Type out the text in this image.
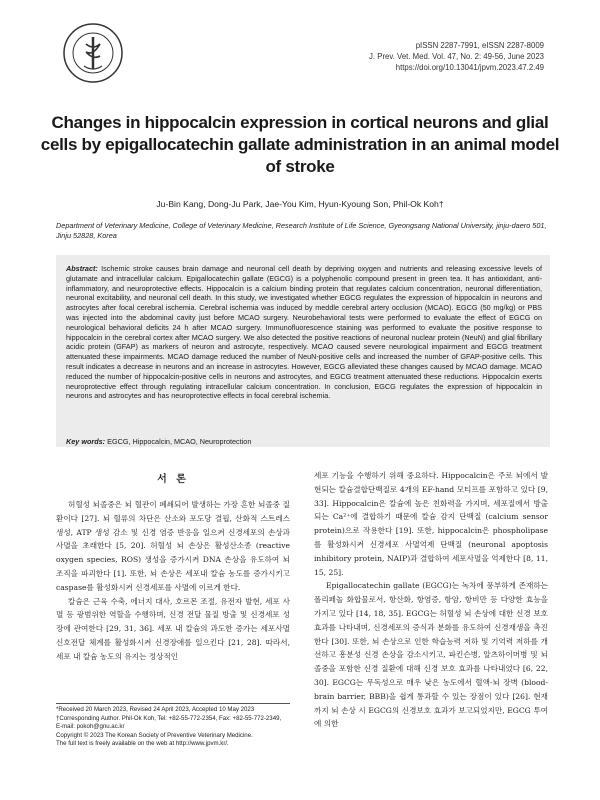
pISSN 2287-7991, eISSN 2287-8009
J. Prev. Vet. Med. Vol. 47, No. 2: 49-56, June 2023
https://doi.org/10.13041/jpvm.2023.47.2.49
Changes in hippocalcin expression in cortical neurons and glial cells by epigallocatechin gallate administration in an animal model of stroke
Ju-Bin Kang, Dong-Ju Park, Jae-You Kim, Hyun-Kyoung Son, Phil-Ok Koh†
Department of Veterinary Medicine, College of Veterinary Medicine, Research Institute of Life Science, Gyeongsang National University, jinju-daero 501, Jinju 52828, Korea
Abstract: Ischemic stroke causes brain damage and neuronal cell death by depriving oxygen and nutrients and releasing excessive levels of glutamate and intracellular calcium. Epigallocatechin gallate (EGCG) is a polyphenolic compound present in green tea. It has antioxidant, anti-inflammatory, and neuroprotective effects. Hippocalcin is a calcium binding protein that regulates calcium concentration, neuronal differentiation, neuronal excitability, and neuronal cell death. In this study, we investigated whether EGCG regulates the expression of hippocalcin in neurons and astrocytes after focal cerebral ischemia. Cerebral ischemia was induced by meddle cerebral artery occlusion (MCAO). EGCG (50 mg/kg) or PBS was injected into the abdominal cavity just before MCAO surgery. Neurobehavioral tests were performed to evaluate the effect of EGCG on neurological behavioral deficits 24 h after MCAO surgery. Immunofluorescence staining was performed to evaluate the positive response to hippocalcin in the cerebral cortex after MCAO surgery. We also detected the positive reactions of neuronal nuclear protein (NeuN) and glial fibrillary acidic protein (GFAP) as markers of neuron and astrocyte, respectively. MCAO caused severe neurological impairment and EGCG treatment attenuated these impairments. MCAO damage reduced the number of NeuN-positive cells and increased the number of GFAP-positive cells. This result indicates a decrease in neurons and an increase in astrocytes. However, EGCG alleviated these changes caused by MCAO damage. MCAO reduced the number of hippocalcin-positive cells in neurons and astrocytes, and EGCG treatment attenuated these reductions. Hippocalcin exerts neuroprotective effect through regulating intracellular calcium concentration. In conclusion, EGCG regulates the expression of hippocalcin in neurons and astrocytes and has neuroprotective effects in focal cerebral ischemia.
Key words: EGCG, Hippocalcin, MCAO, Neuroprotection
서 론

허혈성 뇌졸중은 뇌 혈관이 폐쇄되어 발생하는 가장 흔한 뇌졸중 질환이다 [27]. 뇌 혈류의 차단은 산소와 포도당 결핍, 산화적 스트레스 생성, ATP 생성 감소 및 신경 염증 반응을 일으켜 신경세포의 손상과 사멸을 초래한다 [5, 20]. 허혈성 뇌 손상은 활성산소종 (reactive oxygen species, ROS) 생성을 증가시켜 DNA 손상을 유도하여 뇌 조직을 파괴한다 [1]. 또한, 뇌 손상은 세포내 칼슘 농도를 증가시키고 caspase를 활성화시켜 신경세포를 사멸에 이르게 한다.

칼슘은 근육 수축, 에너지 대사, 호르몬 조절, 유전자 발현, 세포 사멸 등 광범위한 역할을 수행하며, 신경 전달 물질 방출 및 신경세포 성장에 관여한다 [29, 31, 36]. 세포 내 칼슘의 과도한 증가는 세포사멸 신호전달 체계를 활성화시켜 신경장애를 일으킨다 [21, 28]. 따라서, 세포 내 칼슘 농도의 유지는 정상적인

세포 기능을 수행하기 위해 중요하다. Hippocalcin은 주로 뇌에서 발현되는 칼슘결합단백질로 4개의 EF-hand 모티프를 포함하고 있다 [9, 33]. Hippocalcin은 칼슘에 높은 친화력을 가지며, 세포질에서 방출되는 Ca²⁺에 결합하기 때문에 칼슘 감지 단백질 (calcium sensor protein)으로 작용한다 [19]. 또한, hippocalcin은 phospholipase를 활성화시켜 신경세포 사멸억제 단백질 (neuronal apoptosis inhibitory protein, NAIP)과 결합하여 세포사멸을 억제한다 [8, 11, 15, 25].

Epigallocatechin gallate (EGCG)는 녹차에 풍부하게 존재하는 폴리페놀 화합물로서, 항산화, 항염증, 항암, 항비만 등 다양한 효능을 가지고 있다 [14, 18, 35]. EGCG는 허혈성 뇌 손상에 대한 신경 보호 효과를 나타내며, 신경세포의 증식과 분화를 유도하여 신경재생을 촉진한다 [30]. 또한, 뇌 손상으로 인한 학습능력 저하 및 기억력 저하를 개선하고 흥분성 신경 손상을 감소시키고, 파킨슨병, 알츠하이머병 및 뇌졸중을 포함한 신경 질환에 대해 신경 보호 효과를 나타내었다 [6, 22, 30]. EGCG는 무독성으로 매우 낮은 농도에서 혈액-뇌 장벽 (blood-brain barrier, BBB)을 쉽게 통과할 수 있는 장점이 있다 [26]. 현재까지 뇌 손상 시 EGCG의 신경보호 효과가 보고되었지만, EGCG 투여에 의한

*Received 20 March 2023, Revised 24 April 2023, Accepted 10 May 2023
†Corresponding Author. Phil-Ok Koh, Tel: +82-55-772-2354, Fax: +82-55-772-2349,
E-mail: pokoh@gnu.ac.kr
Copyright © 2023 The Korean Society of Preventive Veterinary Medicine.
The full text is freely available on the web at http://www.jpvm.kr/.
